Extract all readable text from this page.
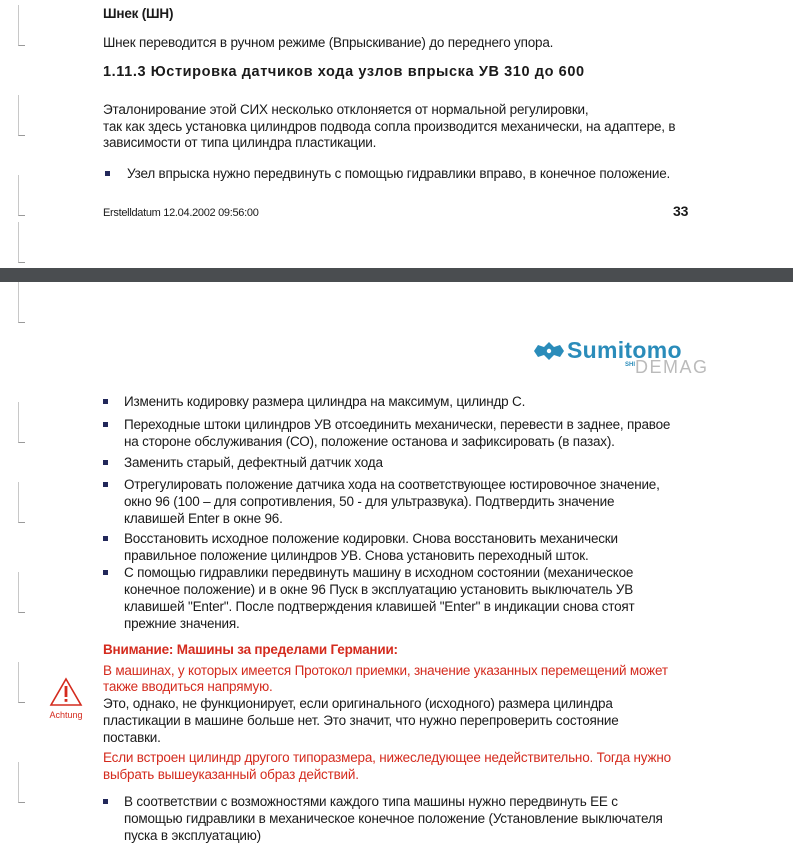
Шнек (ШН)
Шнек переводится в ручном режиме (Впрыскивание) до переднего упора.
1.11.3 Юстировка датчиков хода узлов впрыска УВ 310 до 600
Эталонирование этой СИХ несколько отклоняется от нормальной регулировки,
так как здесь установка цилиндров подвода сопла производится механически, на адаптере, в
зависимости от типа цилиндра пластикации.
Узел впрыска нужно передвинуть с помощью гидравлики вправо, в конечное положение.
Erstelldatum 12.04.2002 09:56:00	33
Sumitomo
SHI DEMAG
Изменить кодировку размера цилиндра на максимум, цилиндр С.
Переходные штоки цилиндров УВ отсоединить механически, перевести в заднее, правое
на стороне обслуживания (СО), положение останова и зафиксировать (в пазах).
Заменить старый, дефектный датчик хода
Отрегулировать положение датчика хода на соответствующее юстировочное значение,
окно 96 (100 – для сопротивления, 50 - для ультразвука). Подтвердить значение
клавишей Enter в окне 96.
Восстановить исходное положение кодировки. Снова восстановить механически
правильное положение цилиндров УВ. Снова установить переходный шток.
С помощью гидравлики передвинуть машину в исходном состоянии (механическое
конечное положение) и в окне 96 Пуск в эксплуатацию установить выключатель УВ
клавишей "Enter". После подтверждения клавишей "Enter" в индикации снова стоят
прежние значения.
Achtung
Внимание: Машины за пределами Германии:
В машинах, у которых имеется Протокол приемки, значение указанных перемещений может
также вводиться напрямую.
Это, однако, не функционирует, если оригинального (исходного) размера цилиндра
пластикации в машине больше нет. Это значит, что нужно перепроверить состояние
поставки.
Если встроен цилиндр другого типоразмера, нижеследующее недействительно. Тогда нужно
выбрать вышеуказанный образ действий.
В соответствии с возможностями каждого типа машины нужно передвинуть ЕЕ с
помощью гидравлики в механическое конечное положение (Установление выключателя
пуска в эксплуатацию)
